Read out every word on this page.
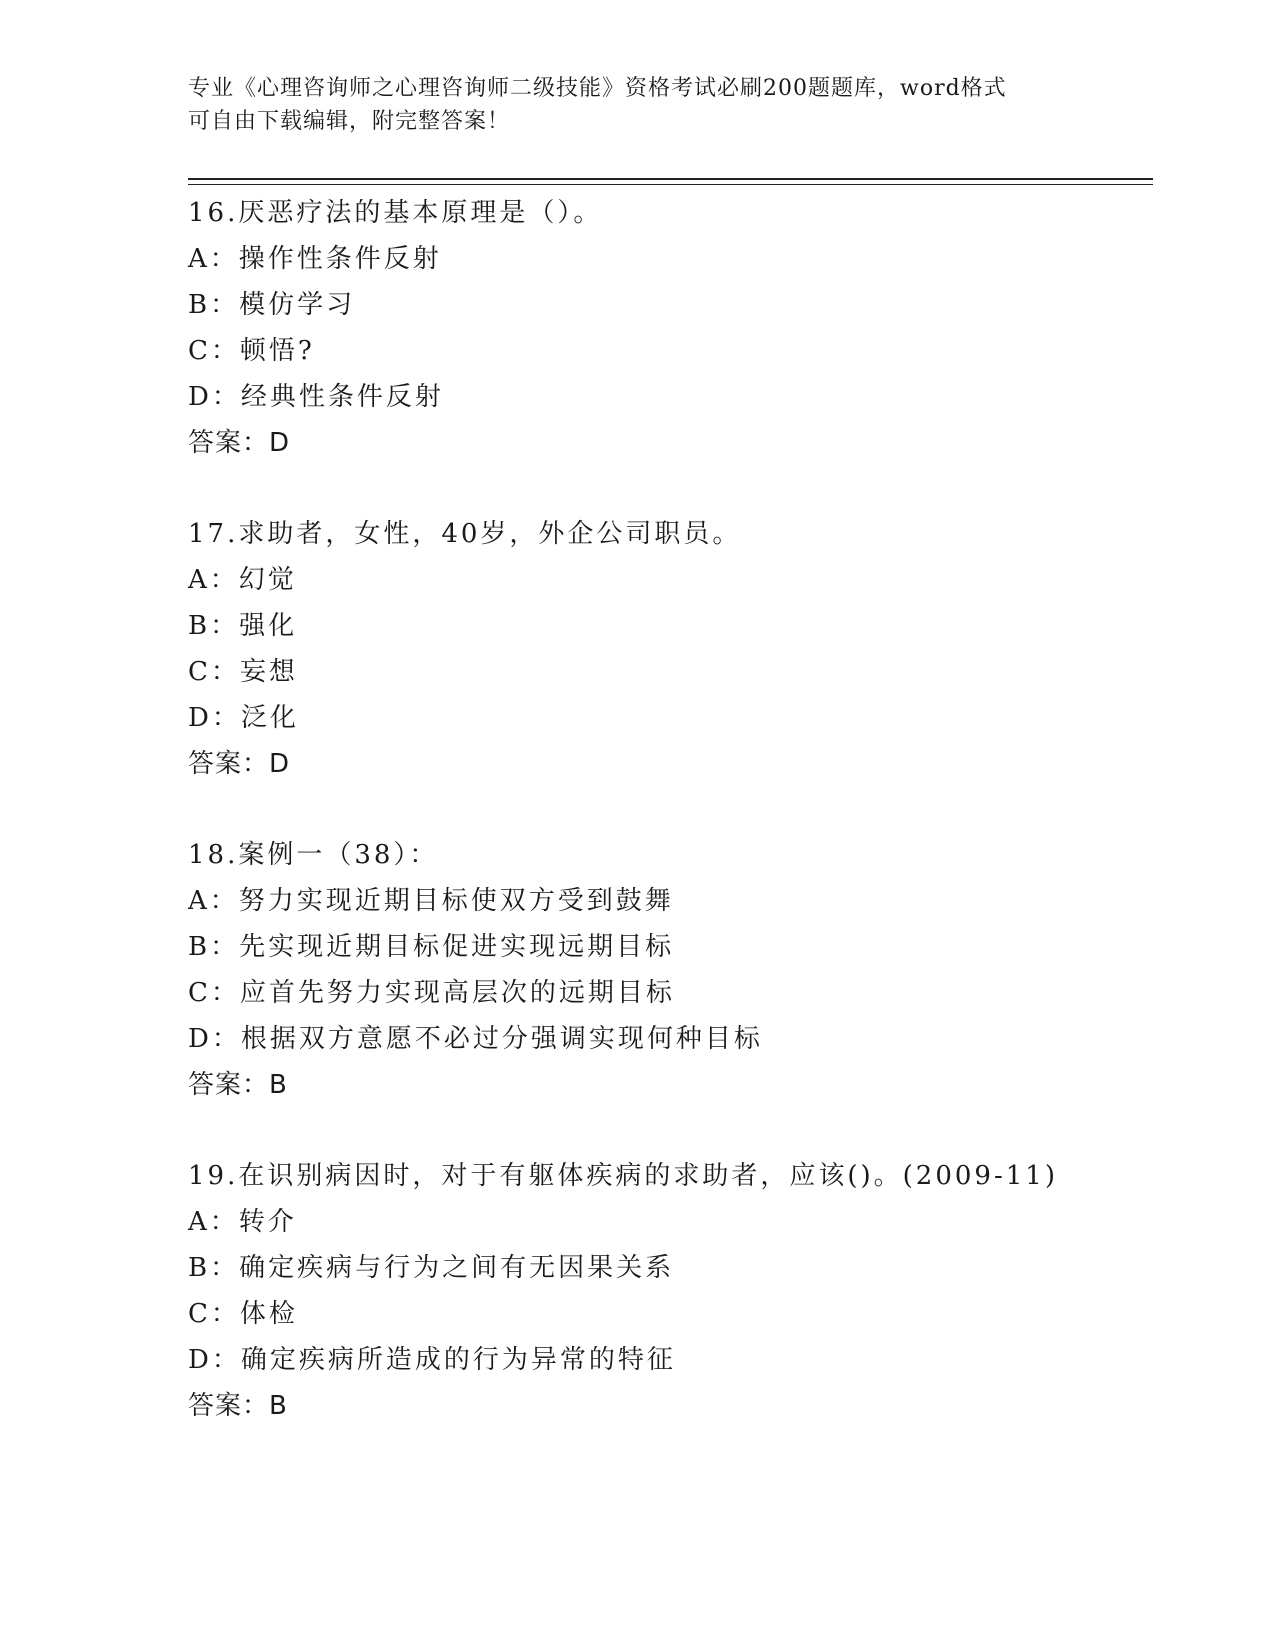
专业《心理咨询师之心理咨询师二级技能》资格考试必刷200题题库，word格式
可自由下载编辑，附完整答案！
16.厌恶疗法的基本原理是（）。
A：操作性条件反射
B：模仿学习
C：顿悟?
D：经典性条件反射
答案：D
17.求助者，女性，40岁，外企公司职员。
A：幻觉
B：强化
C：妄想
D：泛化
答案：D
18.案例一（38）：
A：努力实现近期目标使双方受到鼓舞
B：先实现近期目标促进实现远期目标
C：应首先努力实现高层次的远期目标
D：根据双方意愿不必过分强调实现何种目标
答案：B
19.在识别病因时，对于有躯体疾病的求助者，应该()。(2009-11)
A：转介
B：确定疾病与行为之间有无因果关系
C：体检
D：确定疾病所造成的行为异常的特征
答案：B
